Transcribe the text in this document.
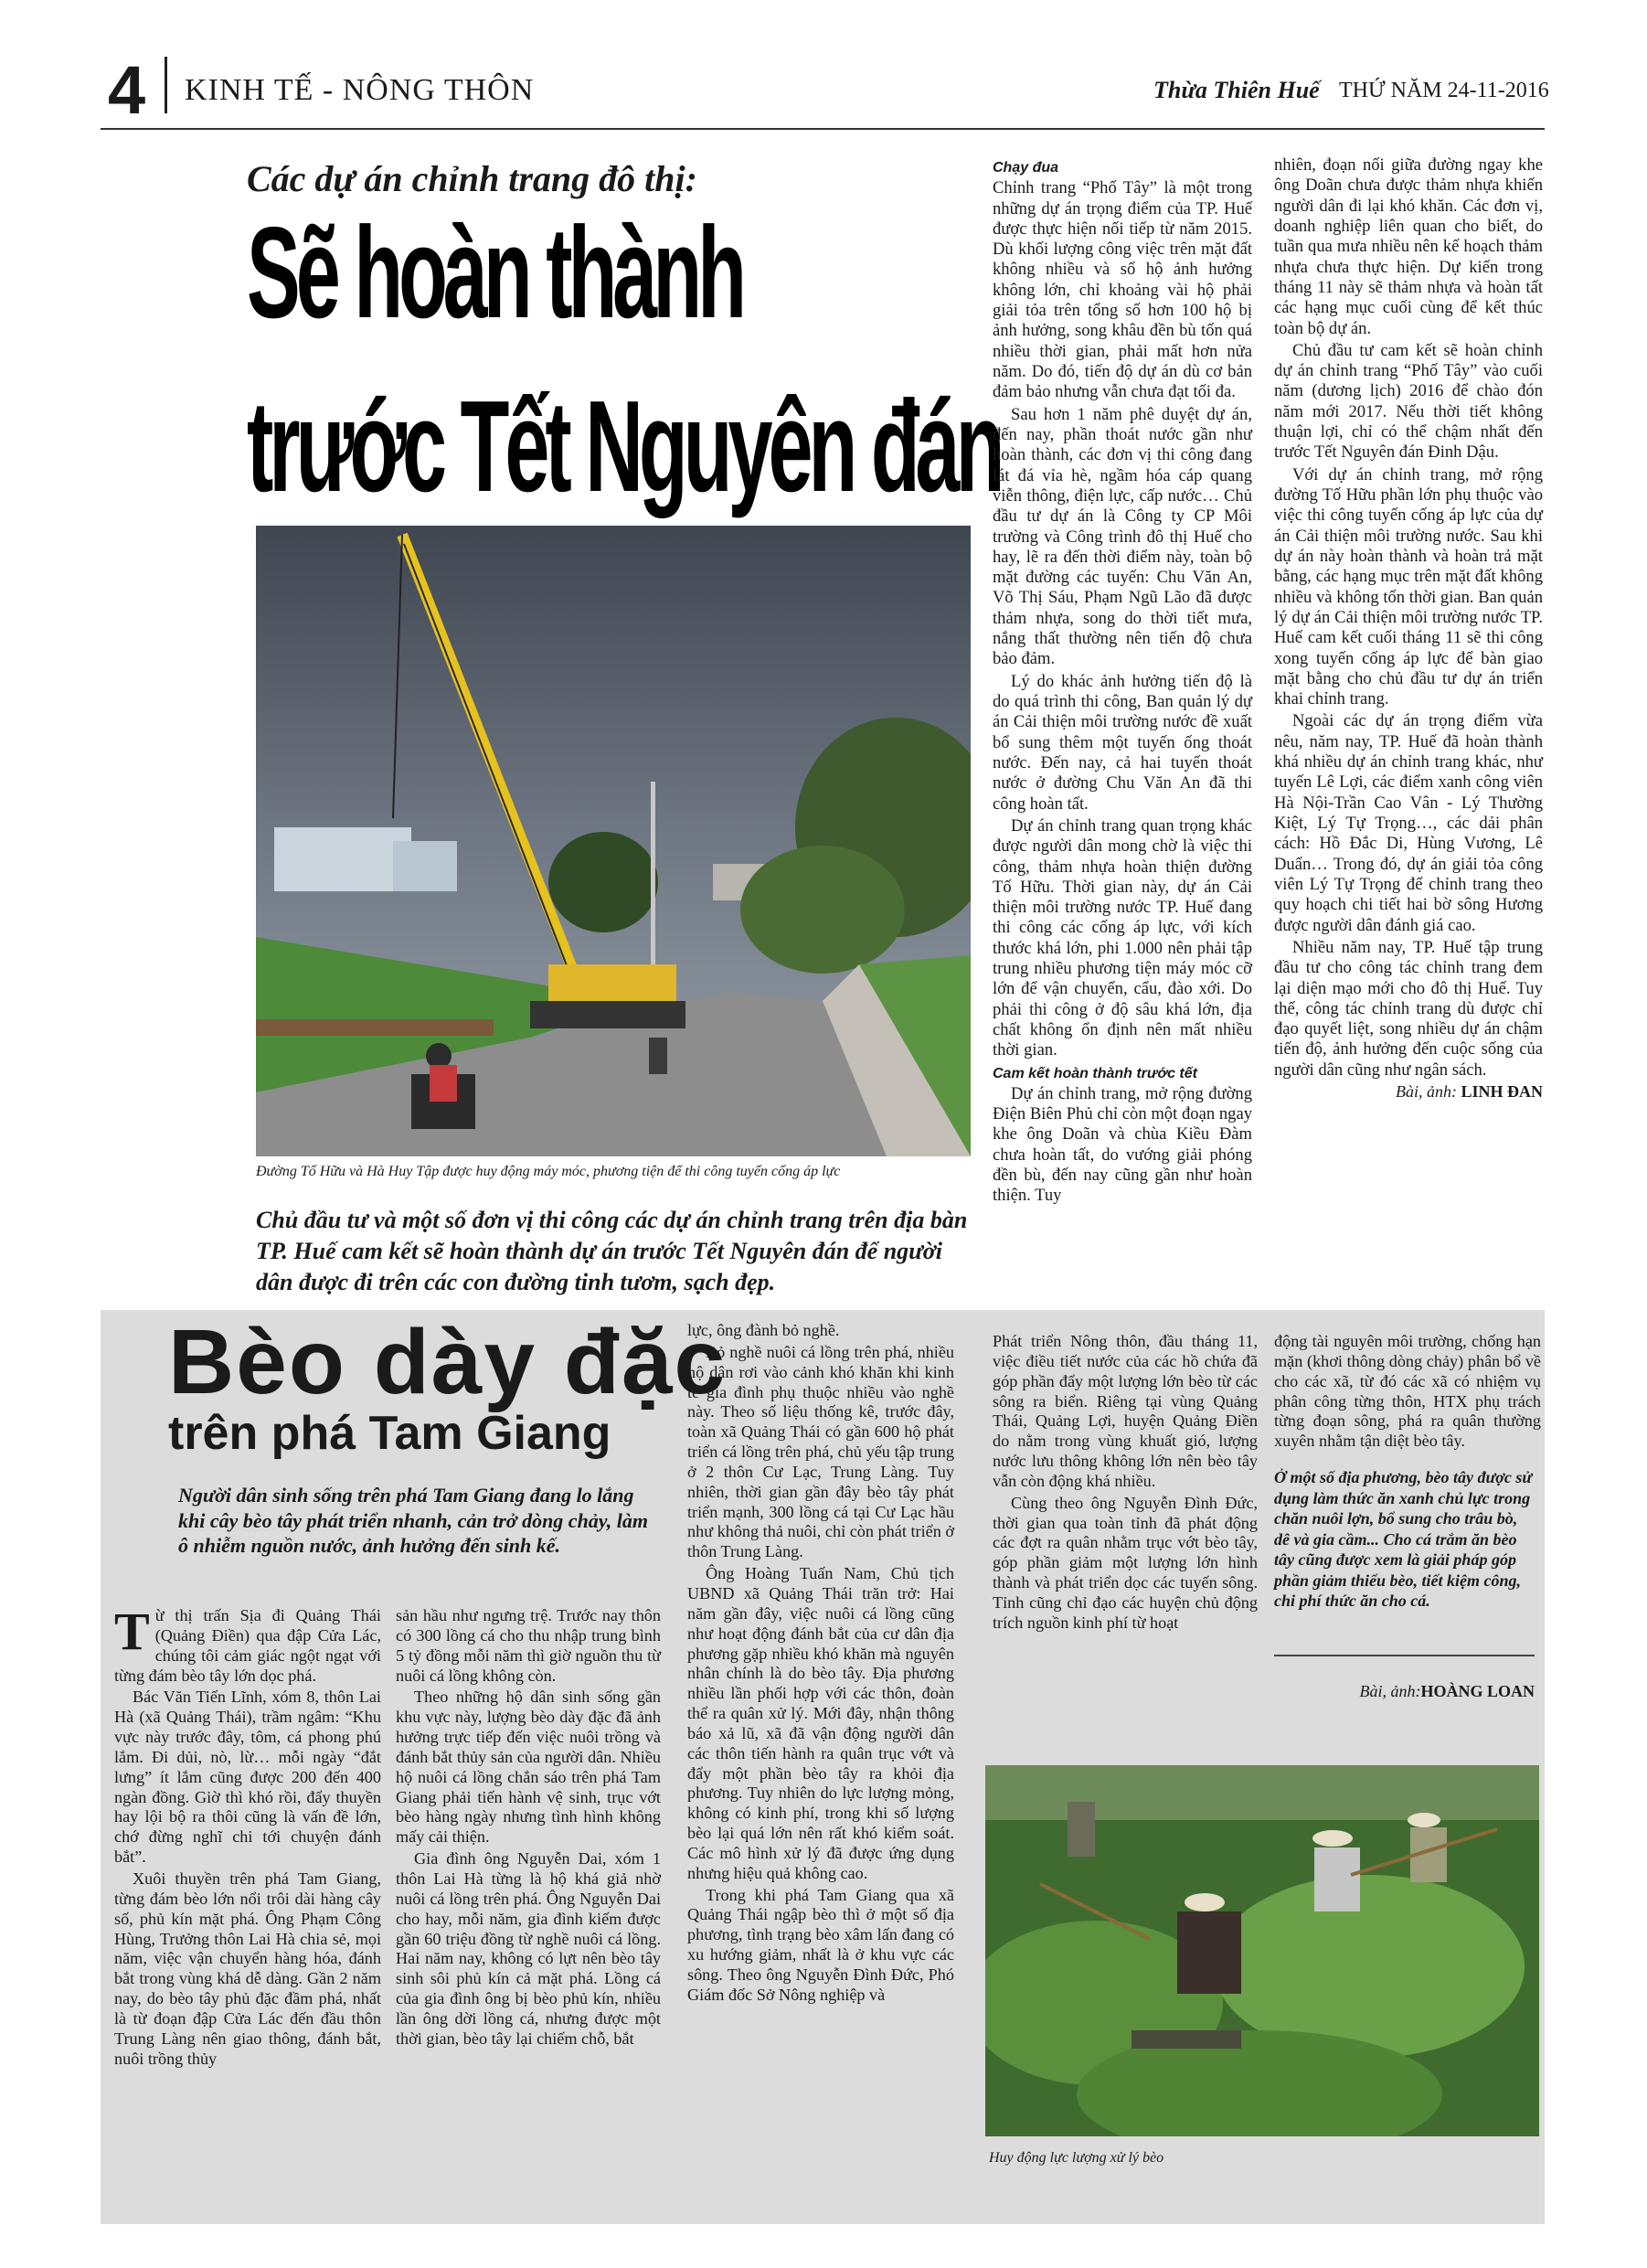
4 KINH TẾ - NÔNG THÔN	Thừa Thiên Huế THỨ NĂM 24-11-2016
Các dự án chỉnh trang đô thị:
Sẽ hoàn thành
trước Tết Nguyên đán
Đường Tố Hữu và Hà Huy Tập được huy động máy móc, phương tiện để thi công tuyến cống áp lực
Chủ đầu tư và một số đơn vị thi công các dự án chỉnh trang trên địa bàn TP. Huế cam kết sẽ hoàn thành dự án trước Tết Nguyên đán để người dân được đi trên các con đường tinh tươm, sạch đẹp.
Chạy đua

Chỉnh trang “Phố Tây” là một trong những dự án trọng điểm của TP. Huế được thực hiện nối tiếp từ năm 2015. Dù khối lượng công việc trên mặt đất không nhiều và số hộ ảnh hưởng không lớn, chỉ khoảng vài hộ phải giải tỏa trên tổng số hơn 100 hộ bị ảnh hưởng, song khâu đền bù tốn quá nhiều thời gian, phải mất hơn nửa năm. Do đó, tiến độ dự án dù cơ bản đảm bảo nhưng vẫn chưa đạt tối đa.

Sau hơn 1 năm phê duyệt dự án, đến nay, phần thoát nước gần như hoàn thành, các đơn vị thi công đang lát đá vỉa hè, ngầm hóa cáp quang viễn thông, điện lực, cấp nước… Chủ đầu tư dự án là Công ty CP Môi trường và Công trình đô thị Huế cho hay, lẽ ra đến thời điểm này, toàn bộ mặt đường các tuyến: Chu Văn An, Võ Thị Sáu, Phạm Ngũ Lão đã được thảm nhựa, song do thời tiết mưa, nắng thất thường nên tiến độ chưa bảo đảm.

Lý do khác ảnh hưởng tiến độ là do quá trình thi công, Ban quản lý dự án Cải thiện môi trường nước đề xuất bổ sung thêm một tuyến ống thoát nước. Đến nay, cả hai tuyến thoát nước ở đường Chu Văn An đã thi công hoàn tất.

Dự án chỉnh trang quan trọng khác được người dân mong chờ là việc thi công, thảm nhựa hoàn thiện đường Tố Hữu. Thời gian này, dự án Cải thiện môi trường nước TP. Huế đang thi công các cống áp lực, với kích thước khá lớn, phi 1.000 nên phải tập trung nhiều phương tiện máy móc cỡ lớn để vận chuyển, cẩu, đào xới. Do phải thi công ở độ sâu khá lớn, địa chất không ổn định nên mất nhiều thời gian.

Cam kết hoàn thành trước tết

Dự án chỉnh trang, mở rộng đường Điện Biên Phủ chỉ còn một đoạn ngay khe ông Doãn và chùa Kiều Đàm chưa hoàn tất, do vướng giải phóng đền bù, đến nay cũng gần như hoàn thiện. Tuy

nhiên, đoạn nối giữa đường ngay khe ông Doãn chưa được thảm nhựa khiến người dân đi lại khó khăn. Các đơn vị, doanh nghiệp liên quan cho biết, do tuần qua mưa nhiều nên kế hoạch thảm nhựa chưa thực hiện. Dự kiến trong tháng 11 này sẽ thảm nhựa và hoàn tất các hạng mục cuối cùng để kết thúc toàn bộ dự án.

Chủ đầu tư cam kết sẽ hoàn chỉnh dự án chỉnh trang “Phố Tây” vào cuối năm (dương lịch) 2016 để chào đón năm mới 2017. Nếu thời tiết không thuận lợi, chỉ có thể chậm nhất đến trước Tết Nguyên đán Đinh Dậu.

Với dự án chỉnh trang, mở rộng đường Tố Hữu phần lớn phụ thuộc vào việc thi công tuyến cống áp lực của dự án Cải thiện môi trường nước. Sau khi dự án này hoàn thành và hoàn trả mặt bằng, các hạng mục trên mặt đất không nhiều và không tốn thời gian. Ban quản lý dự án Cải thiện môi trường nước TP. Huế cam kết cuối tháng 11 sẽ thi công xong tuyến cống áp lực để bàn giao mặt bằng cho chủ đầu tư dự án triển khai chỉnh trang.

Ngoài các dự án trọng điểm vừa nêu, năm nay, TP. Huế đã hoàn thành khá nhiều dự án chỉnh trang khác, như tuyến Lê Lợi, các điểm xanh công viên Hà Nội-Trần Cao Vân - Lý Thường Kiệt, Lý Tự Trọng…, các dải phân cách: Hồ Đắc Di, Hùng Vương, Lê Duẩn… Trong đó, dự án giải tỏa công viên Lý Tự Trọng để chỉnh trang theo quy hoạch chi tiết hai bờ sông Hương được người dân đánh giá cao.

Nhiều năm nay, TP. Huế tập trung đầu tư cho công tác chỉnh trang đem lại diện mạo mới cho đô thị Huế. Tuy thế, công tác chỉnh trang dù được chỉ đạo quyết liệt, song nhiều dự án chậm tiến độ, ảnh hưởng đến cuộc sống của người dân cũng như ngân sách.

Bài, ảnh: LINH ĐAN
Bèo dày đặc
trên phá Tam Giang
Người dân sinh sống trên phá Tam Giang đang lo lắng khi cây bèo tây phát triển nhanh, cản trở dòng chảy, làm ô nhiễm nguồn nước, ảnh hưởng đến sinh kế.

Từ thị trấn Sịa đi Quảng Thái (Quảng Điền) qua đập Cửa Lác, chúng tôi cảm giác ngột ngạt với từng đám bèo tây lớn dọc phá.

Bác Văn Tiến Lĩnh, xóm 8, thôn Lai Hà (xã Quảng Thái), trầm ngâm: “Khu vực này trước đây, tôm, cá phong phú lắm. Đi dủi, nò, lừ… mỗi ngày “đắt lưng” ít lắm cũng được 200 đến 400 ngàn đồng. Giờ thì khó rồi, đẩy thuyền hay lội bộ ra thôi cũng là vấn đề lớn, chớ đừng nghĩ chi tới chuyện đánh bắt”.

Xuôi thuyền trên phá Tam Giang, từng đám bèo lớn nổi trôi dài hàng cây số, phủ kín mặt phá. Ông Phạm Công Hùng, Trưởng thôn Lai Hà chia sẻ, mọi năm, việc vận chuyển hàng hóa, đánh bắt trong vùng khá dễ dàng. Gần 2 năm nay, do bèo tây phủ đặc đầm phá, nhất là từ đoạn đập Cửa Lác đến đầu thôn Trung Làng nên giao thông, đánh bắt, nuôi trồng thủy

sản hầu như ngưng trệ. Trước nay thôn có 300 lồng cá cho thu nhập trung bình 5 tỷ đồng mỗi năm thì giờ nguồn thu từ nuôi cá lồng không còn.

Theo những hộ dân sinh sống gần khu vực này, lượng bèo dày đặc đã ảnh hưởng trực tiếp đến việc nuôi trồng và đánh bắt thủy sản của người dân. Nhiều hộ nuôi cá lồng chắn sáo trên phá Tam Giang phải tiến hành vệ sinh, trục vớt bèo hàng ngày nhưng tình hình không mấy cải thiện.

Gia đình ông Nguyễn Dai, xóm 1 thôn Lai Hà từng là hộ khá giả nhờ nuôi cá lồng trên phá. Ông Nguyễn Dai cho hay, mỗi năm, gia đình kiếm được gần 60 triệu đồng từ nghề nuôi cá lồng. Hai năm nay, không có lựt nên bèo tây sinh sôi phủ kín cả mặt phá. Lồng cá của gia đình ông bị bèo phủ kín, nhiều lần ông dời lồng cá, nhưng được một thời gian, bèo tây lại chiếm chỗ, bắt

lực, ông đành bỏ nghề.

Bỏ nghề nuôi cá lồng trên phá, nhiều hộ dân rơi vào cảnh khó khăn khi kinh tế gia đình phụ thuộc nhiều vào nghề này. Theo số liệu thống kê, trước đây, toàn xã Quảng Thái có gần 600 hộ phát triển cá lồng trên phá, chủ yếu tập trung ở 2 thôn Cư Lạc, Trung Làng. Tuy nhiên, thời gian gần đây bèo tây phát triển mạnh, 300 lồng cá tại Cư Lạc hầu như không thả nuôi, chỉ còn phát triển ở thôn Trung Làng.

Ông Hoàng Tuấn Nam, Chủ tịch UBND xã Quảng Thái trăn trở: Hai năm gần đây, việc nuôi cá lồng cũng như hoạt động đánh bắt của cư dân địa phương gặp nhiều khó khăn mà nguyên nhân chính là do bèo tây. Địa phương nhiều lần phối hợp với các thôn, đoàn thể ra quân xử lý. Mới đây, nhận thông báo xả lũ, xã đã vận động người dân các thôn tiến hành ra quân trục vớt và đẩy một phần bèo tây ra khỏi địa phương. Tuy nhiên do lực lượng mỏng, không có kinh phí, trong khi số lượng bèo lại quá lớn nên rất khó kiểm soát. Các mô hình xử lý đã được ứng dụng nhưng hiệu quả không cao.

Trong khi phá Tam Giang qua xã Quảng Thái ngập bèo thì ở một số địa phương, tình trạng bèo xâm lấn đang có xu hướng giảm, nhất là ở khu vực các sông. Theo ông Nguyễn Đình Đức, Phó Giám đốc Sở Nông nghiệp và

Phát triển Nông thôn, đầu tháng 11, việc điều tiết nước của các hồ chứa đã góp phần đẩy một lượng lớn bèo từ các sông ra biển. Riêng tại vùng Quảng Thái, Quảng Lợi, huyện Quảng Điền do nằm trong vùng khuất gió, lượng nước lưu thông không lớn nên bèo tây vẫn còn động khá nhiều.

Cùng theo ông Nguyễn Đình Đức, thời gian qua toàn tỉnh đã phát động các đợt ra quân nhằm trục vớt bèo tây, góp phần giảm một lượng lớn hình thành và phát triển dọc các tuyến sông. Tỉnh cũng chỉ đạo các huyện chủ động trích nguồn kinh phí từ hoạt

động tài nguyên môi trường, chống hạn mặn (khơi thông dòng chảy) phân bổ về cho các xã, từ đó các xã có nhiệm vụ phân công từng thôn, HTX phụ trách từng đoạn sông, phá ra quân thường xuyên nhằm tận diệt bèo tây.

Ở một số địa phương, bèo tây được sử dụng làm thức ăn xanh chủ lực trong chăn nuôi lợn, bổ sung cho trâu bò, dê và gia cầm... Cho cá trắm ăn bèo tây cũng được xem là giải pháp góp phần giảm thiểu bèo, tiết kiệm công, chi phí thức ăn cho cá.
Bài, ảnh:HOÀNG LOAN
Huy động lực lượng xử lý bèo
